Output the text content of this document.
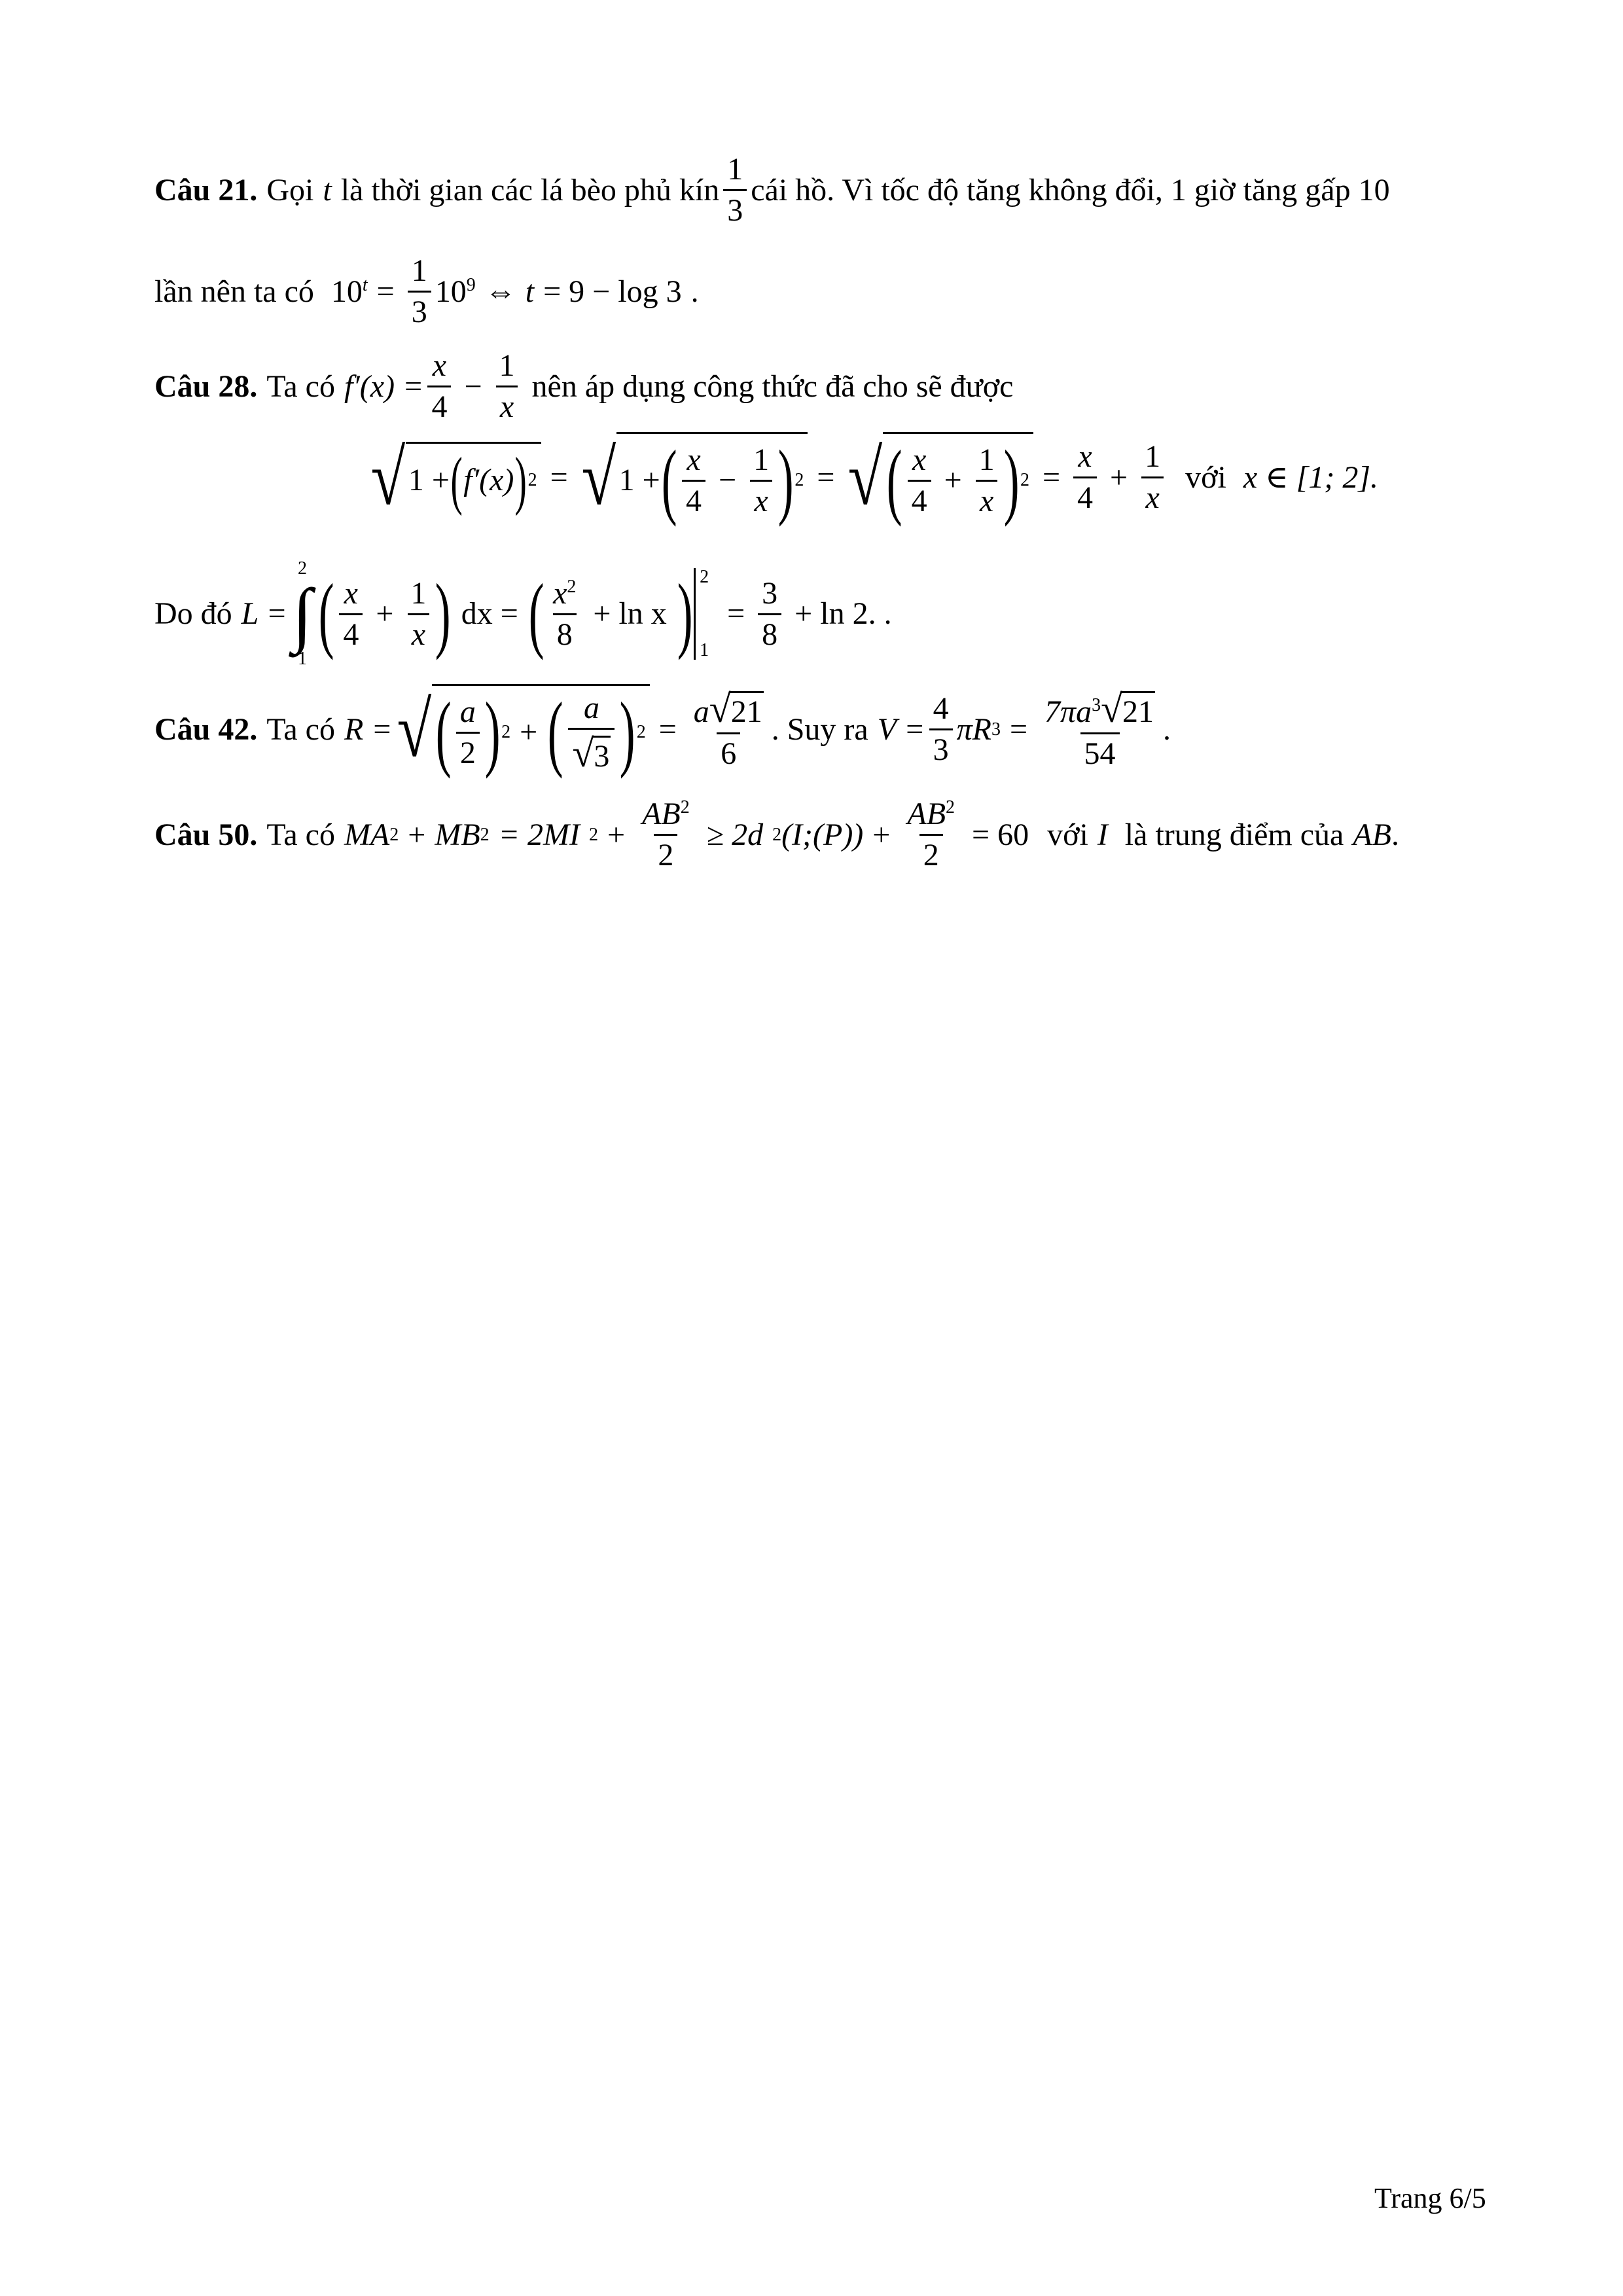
Câu 21. Gọi t là thời gian các lá bèo phủ kín $\frac{1}{3}$ cái hồ. Vì tốc độ tăng không đổi, 1 giờ tăng gấp 10
lần nên ta có $10^t = \frac{1}{3} 10^9$ ⇔ t = 9 − log 3 .
Câu 28. Ta có $f'(x) = \frac{x}{4} - \frac{1}{x}$ nên áp dụng công thức đã cho sẽ được
√ 1 + ( f′(x) ) 2 = √ 1 + ( $\frac{x}{4} - \frac{1}{x}$ ) 2 = √ ( $\frac{x}{4} + \frac{1}{x}$ ) $2 = \frac{x}{4} + \frac{1}{x}$ với x ∈ [1; 2].
Do đó L =
2
∫
1 ( $\frac{x}{4} + \frac{1}{x}$ ) dx = ( $\frac{x^2}{8} + \ln x$ ) 2
1
= $\frac{3}{8} + \ln 2$. .
Câu 42. Ta có R = √ ( $\frac{a}{2}$ ) 2 + ( $\frac{a}{√3}$ ) $2 = \frac{a√21}{6}$ . Suy ra $V = \frac{4}{3}$ πR $3 = \frac{7\pi a^3√21}{54}$ .
Câu 50. Ta có MA 2 + MB 2 = 2MI $2 + \frac{AB^2}{2} \ge 2d$ 2 (I;(P)) + $\frac{AB^2}{2} = 60$ với I là trung điểm của AB .
Trang 6/5
